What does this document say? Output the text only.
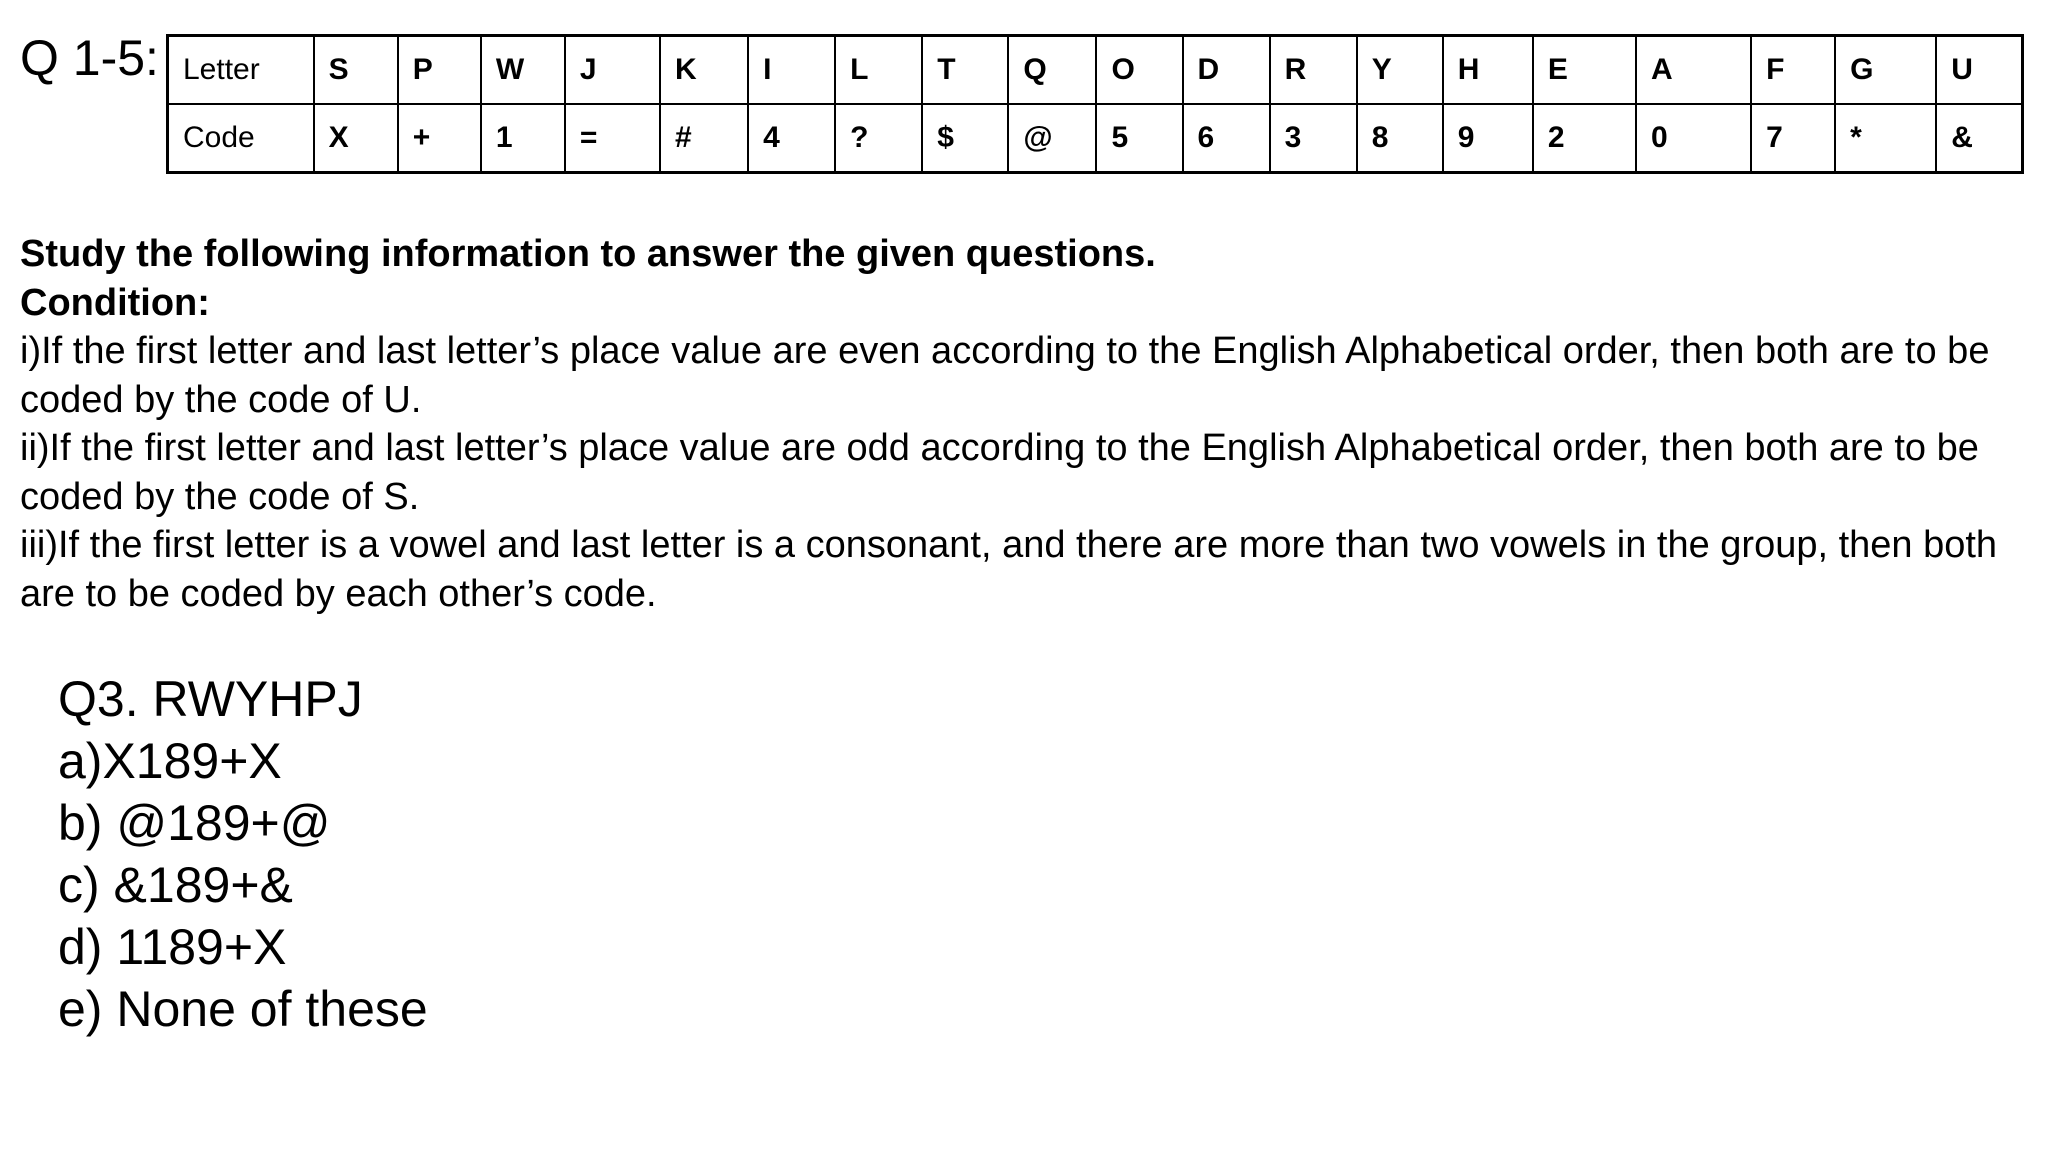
Q 1-5: Letter	S	P	W	J	K	I	L	T	Q	O	D	R	Y	H	E	A	F	G	U
Code	X	+	1	=	#	4	?	$	@	5	6	3	8	9	2	0	7	*	&

Study the following information to answer the given questions.

Condition:

i)If the first letter and last letter’s place value are even according to the English Alphabetical order, then both are to be coded by the code of U.

ii)If the first letter and last letter’s place value are odd according to the English Alphabetical order, then both are to be coded by the code of S.

iii)If the first letter is a vowel and last letter is a consonant, and there are more than two vowels in the group, then both are to be coded by each other’s code.

Q3. RWYHPJ
a)X189+X
b) @189+@
c) &189+&
d) 1189+X
e) None of these
